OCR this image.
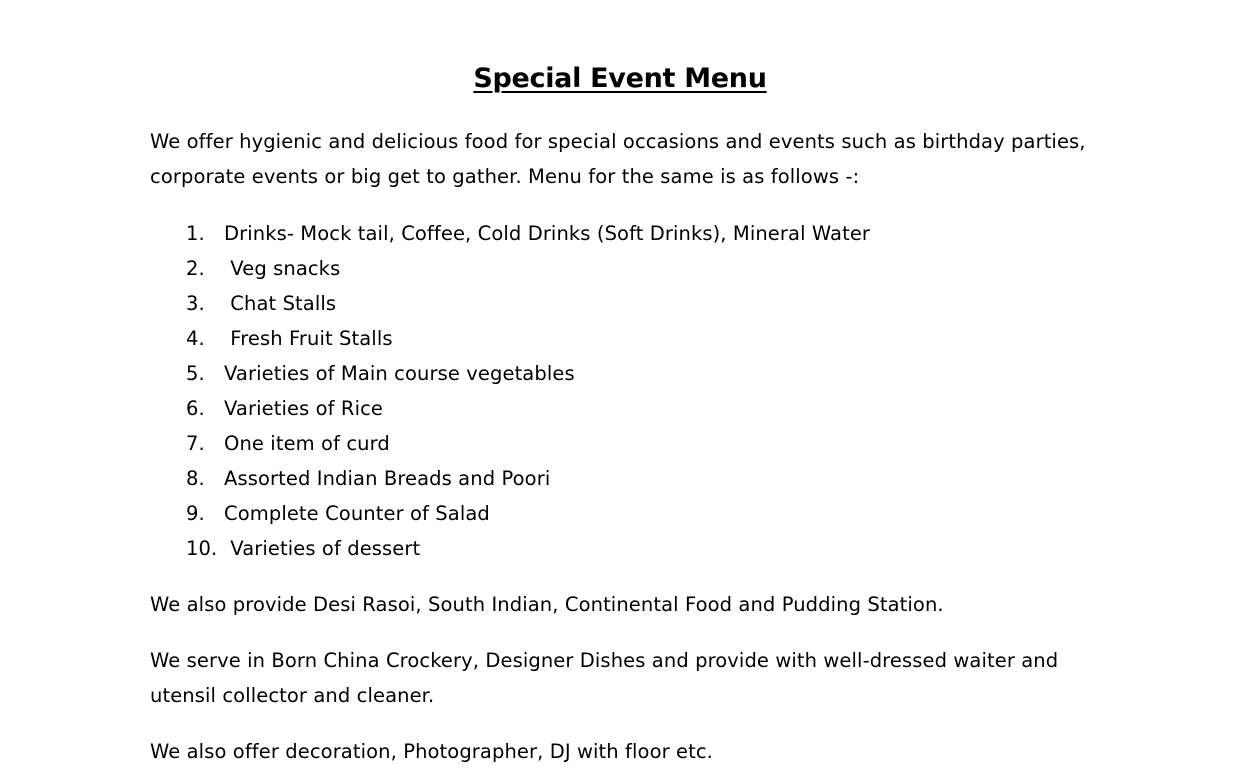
Special Event Menu

We offer hygienic and delicious food for special occasions and events such as birthday parties, corporate events or big get to gather. Menu for the same is as follows -:

1. Drinks- Mock tail, Coffee, Cold Drinks (Soft Drinks), Mineral Water
2. Veg snacks
3. Chat Stalls
4. Fresh Fruit Stalls
5. Varieties of Main course vegetables
6. Varieties of Rice
7. One item of curd
8. Assorted Indian Breads and Poori
9. Complete Counter of Salad
10. Varieties of dessert

We also provide Desi Rasoi, South Indian, Continental Food and Pudding Station.

We serve in Born China Crockery, Designer Dishes and provide with well-dressed waiter and utensil collector and cleaner.

We also offer decoration, Photographer, DJ with floor etc.
